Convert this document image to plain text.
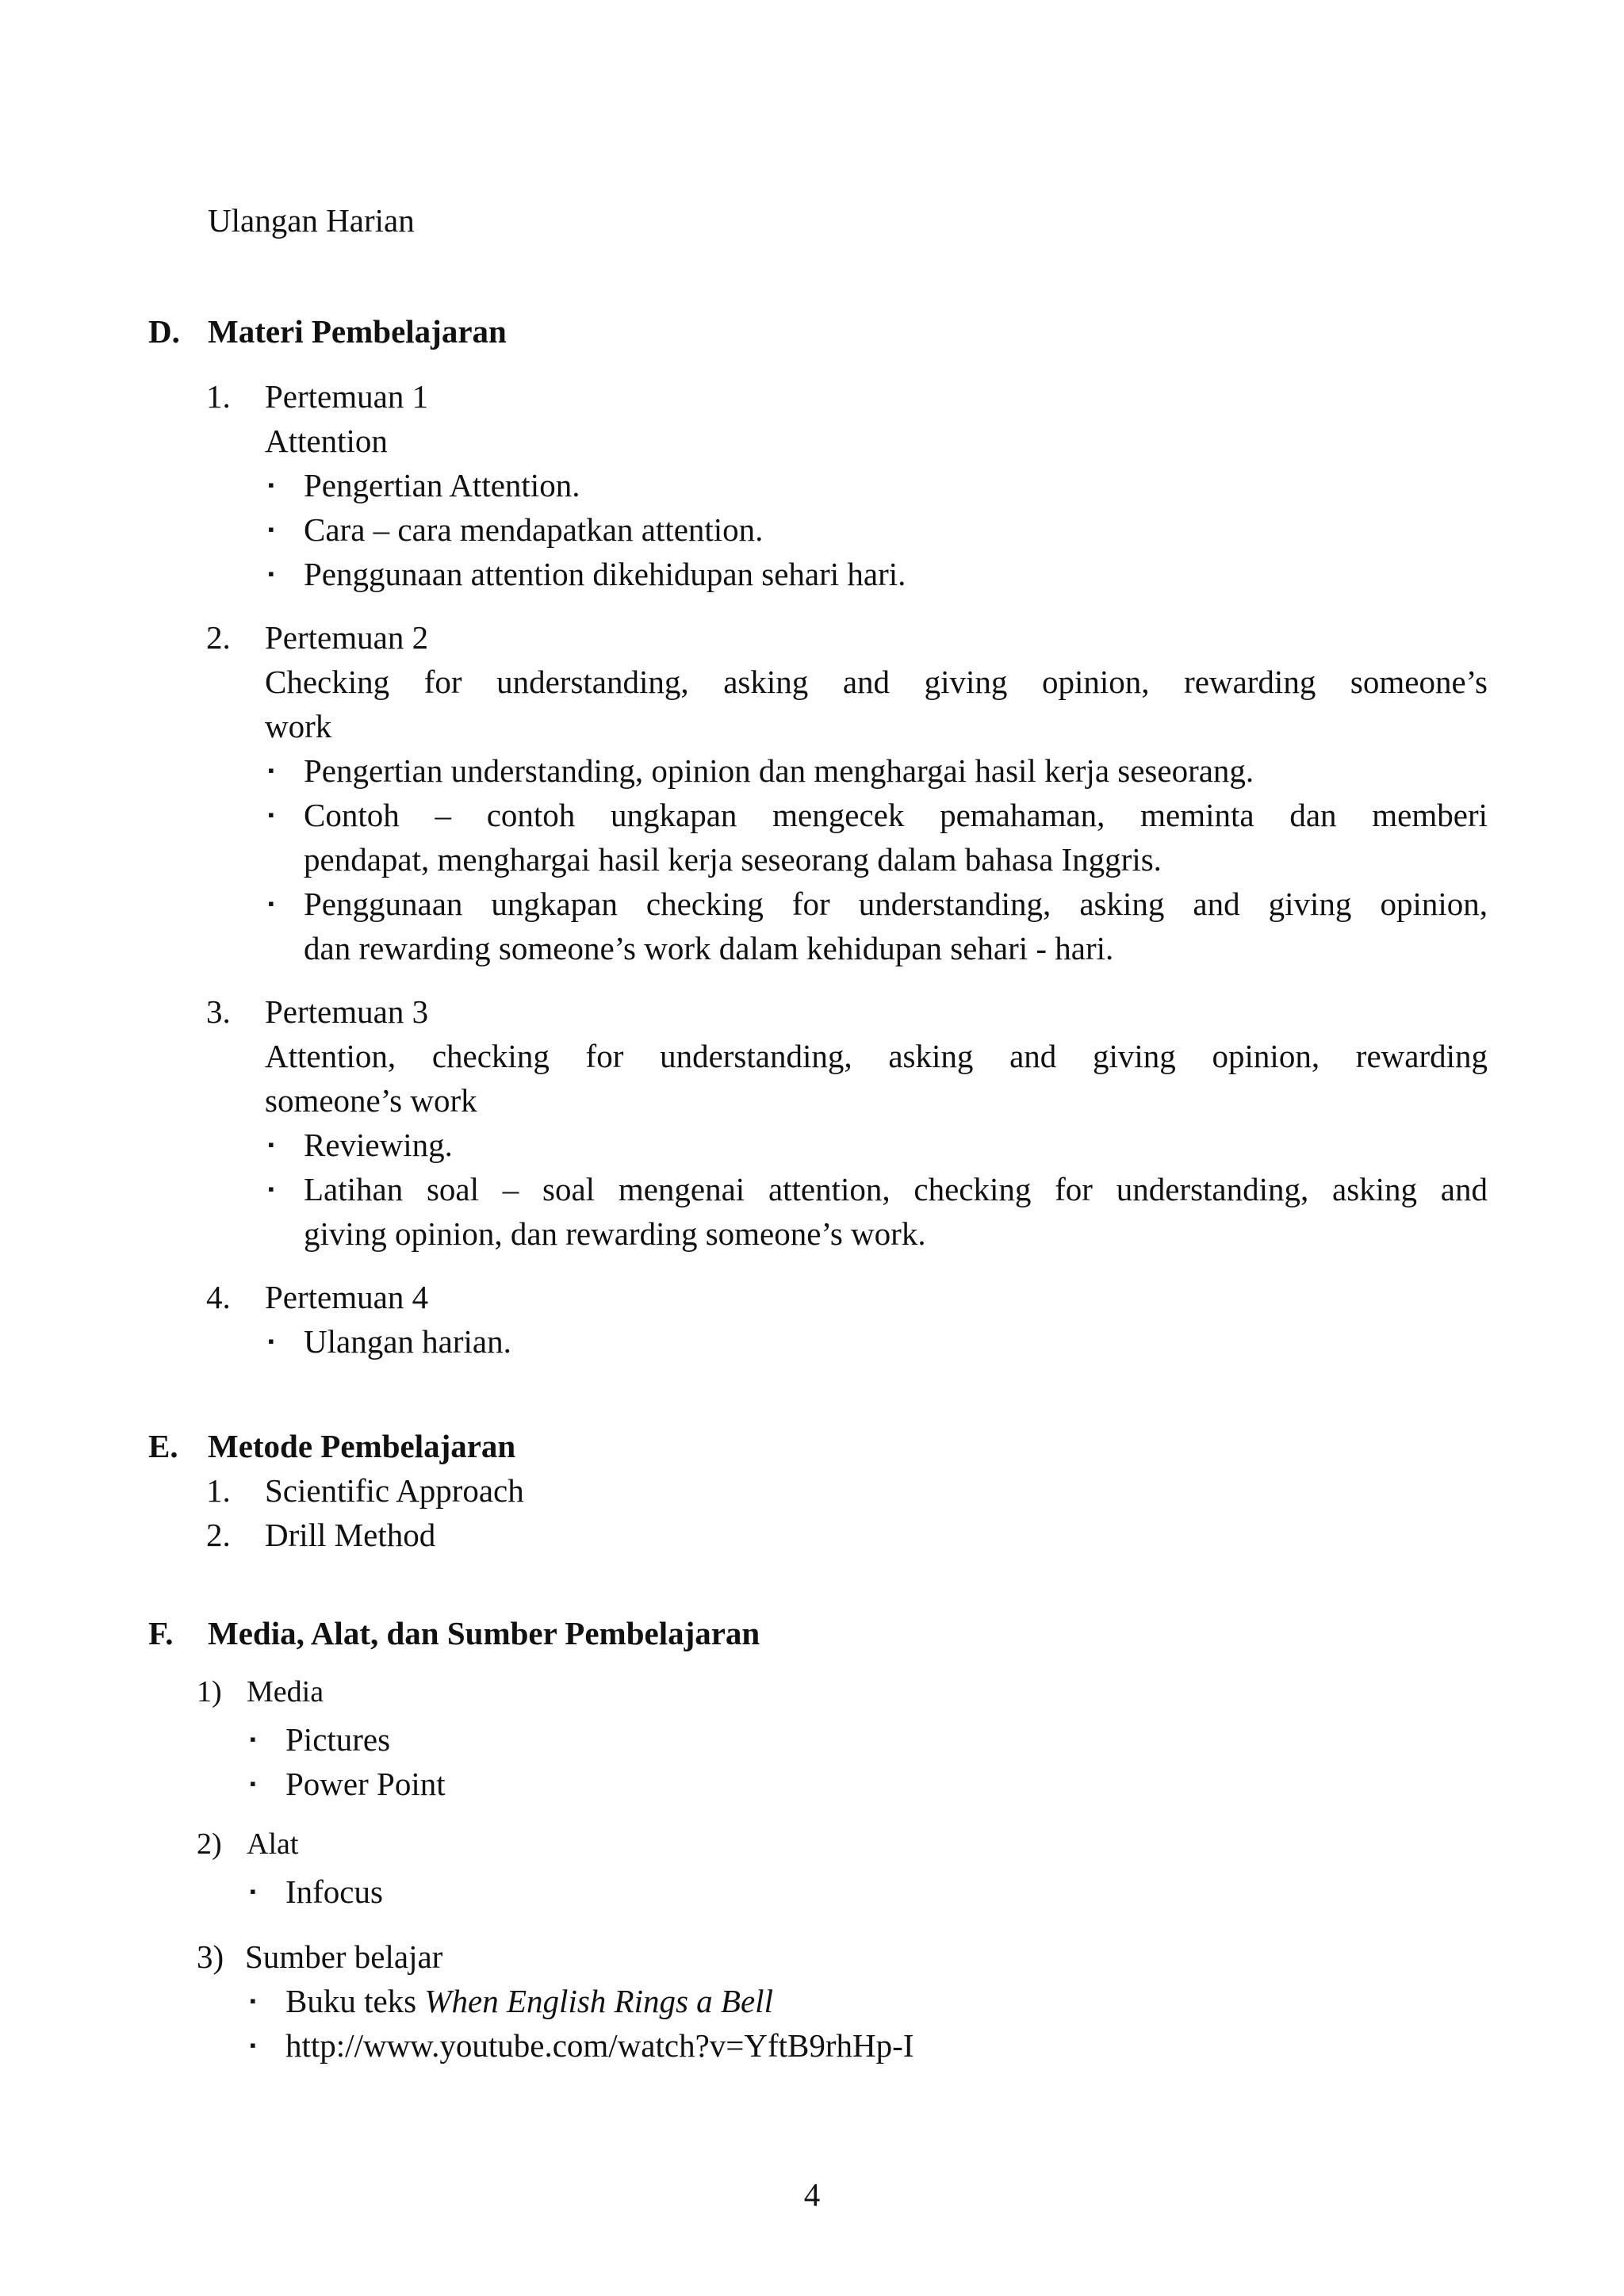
Ulangan Harian
D. Materi Pembelajaran
1. Pertemuan 1
Attention
▪ Pengertian Attention.
▪ Cara – cara mendapatkan attention.
▪ Penggunaan attention dikehidupan sehari hari.
2. Pertemuan 2
Checking for understanding, asking and giving opinion, rewarding someone’s
work
▪ Pengertian understanding, opinion dan menghargai hasil kerja seseorang.
▪ Contoh – contoh ungkapan mengecek pemahaman, meminta dan memberi
pendapat, menghargai hasil kerja seseorang dalam bahasa Inggris.
▪ Penggunaan ungkapan checking for understanding, asking and giving opinion,
dan rewarding someone’s work dalam kehidupan sehari - hari.
3. Pertemuan 3
Attention, checking for understanding, asking and giving opinion, rewarding
someone’s work
▪ Reviewing.
▪ Latihan soal – soal mengenai attention, checking for understanding, asking and
giving opinion, dan rewarding someone’s work.
4. Pertemuan 4
▪ Ulangan harian.
E. Metode Pembelajaran
1. Scientific Approach
2. Drill Method
F. Media, Alat, dan Sumber Pembelajaran
1) Media
▪ Pictures
▪ Power Point
2) Alat
▪ Infocus
3) Sumber belajar
▪ Buku teks When English Rings a Bell
▪ http://www.youtube.com/watch?v=YftB9rhHp-I
4
